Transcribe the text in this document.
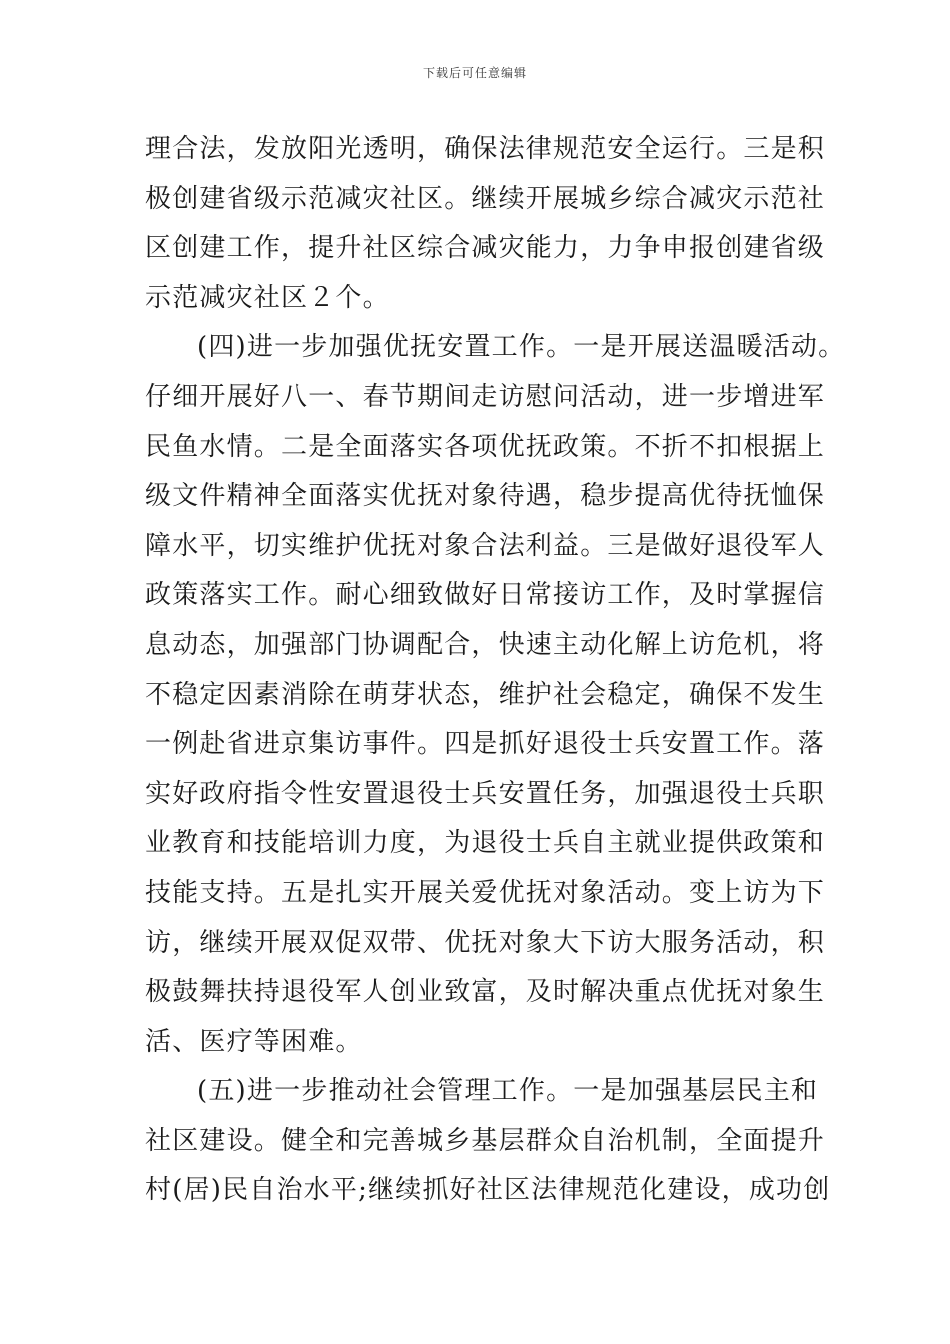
下载后可任意编辑
理合法，发放阳光透明，确保法律规范安全运行。三是积
极创建省级示范减灾社区。继续开展城乡综合减灾示范社
区创建工作，提升社区综合减灾能力，力争申报创建省级
示范减灾社区２个。
(四)进一步加强优抚安置工作。一是开展送温暖活动。
仔细开展好八一、春节期间走访慰问活动，进一步增进军
民鱼水情。二是全面落实各项优抚政策。不折不扣根据上
级文件精神全面落实优抚对象待遇，稳步提高优待抚恤保
障水平，切实维护优抚对象合法利益。三是做好退役军人
政策落实工作。耐心细致做好日常接访工作，及时掌握信
息动态，加强部门协调配合，快速主动化解上访危机，将
不稳定因素消除在萌芽状态，维护社会稳定，确保不发生
一例赴省进京集访事件。四是抓好退役士兵安置工作。落
实好政府指令性安置退役士兵安置任务，加强退役士兵职
业教育和技能培训力度，为退役士兵自主就业提供政策和
技能支持。五是扎实开展关爱优抚对象活动。变上访为下
访，继续开展双促双带、优抚对象大下访大服务活动，积
极鼓舞扶持退役军人创业致富，及时解决重点优抚对象生
活、医疗等困难。
(五)进一步推动社会管理工作。一是加强基层民主和
社区建设。健全和完善城乡基层群众自治机制，全面提升
村(居)民自治水平;继续抓好社区法律规范化建设，成功创
